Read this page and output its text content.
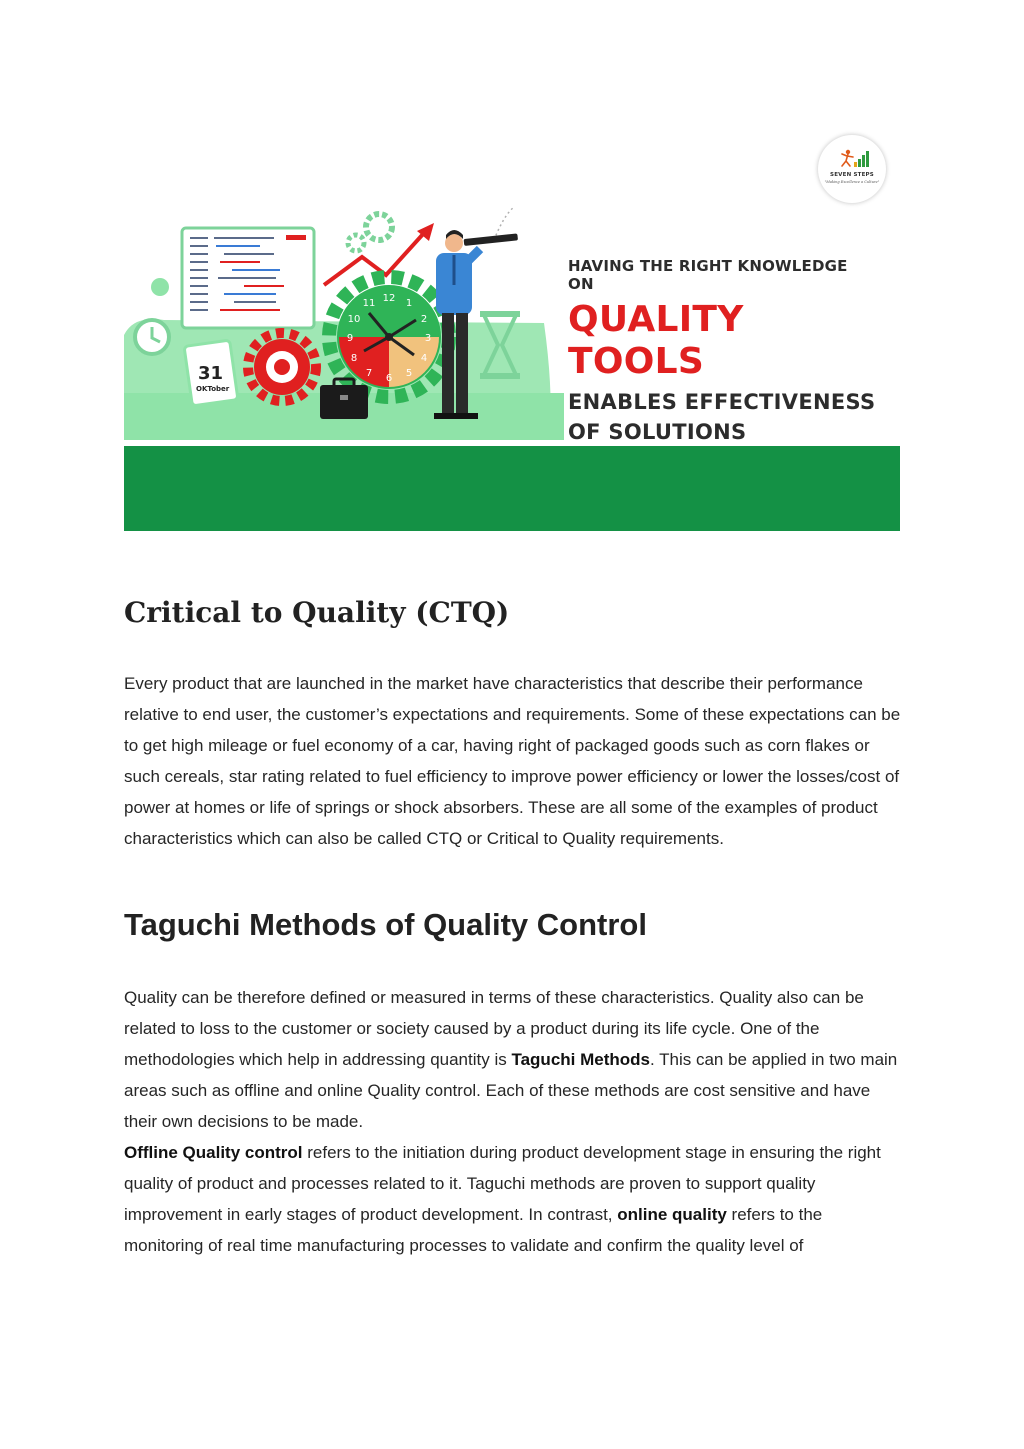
SEVEN STEPS
"Making Excellence a Culture"
31
OKTober
12 1
2
3
4
5
6
7
8
9
10
11
HAVING THE RIGHT KNOWLEDGE ON
QUALITY TOOLS
ENABLES EFFECTIVENESS
OF SOLUTIONS
Critical to Quality (CTQ)

Every product that are launched in the market have characteristics that describe their performance relative to end user, the customer’s expectations and requirements. Some of these expectations can be to get high mileage or fuel economy of a car, having right of packaged goods such as corn flakes or such cereals, star rating related to fuel efficiency to improve power efficiency or lower the losses/cost of power at homes or life of springs or shock absorbers. These are all some of the examples of product characteristics which can also be called CTQ or Critical to Quality requirements.

Taguchi Methods of Quality Control

Quality can be therefore defined or measured in terms of these characteristics. Quality also can be related to loss to the customer or society caused by a product during its life cycle. One of the methodologies which help in addressing quantity is Taguchi Methods. This can be applied in two main areas such as offline and online Quality control. Each of these methods are cost sensitive and have their own decisions to be made.

Offline Quality control refers to the initiation during product development stage in ensuring the right quality of product and processes related to it. Taguchi methods are proven to support quality improvement in early stages of product development. In contrast, online quality refers to the monitoring of real time manufacturing processes to validate and confirm the quality level of
